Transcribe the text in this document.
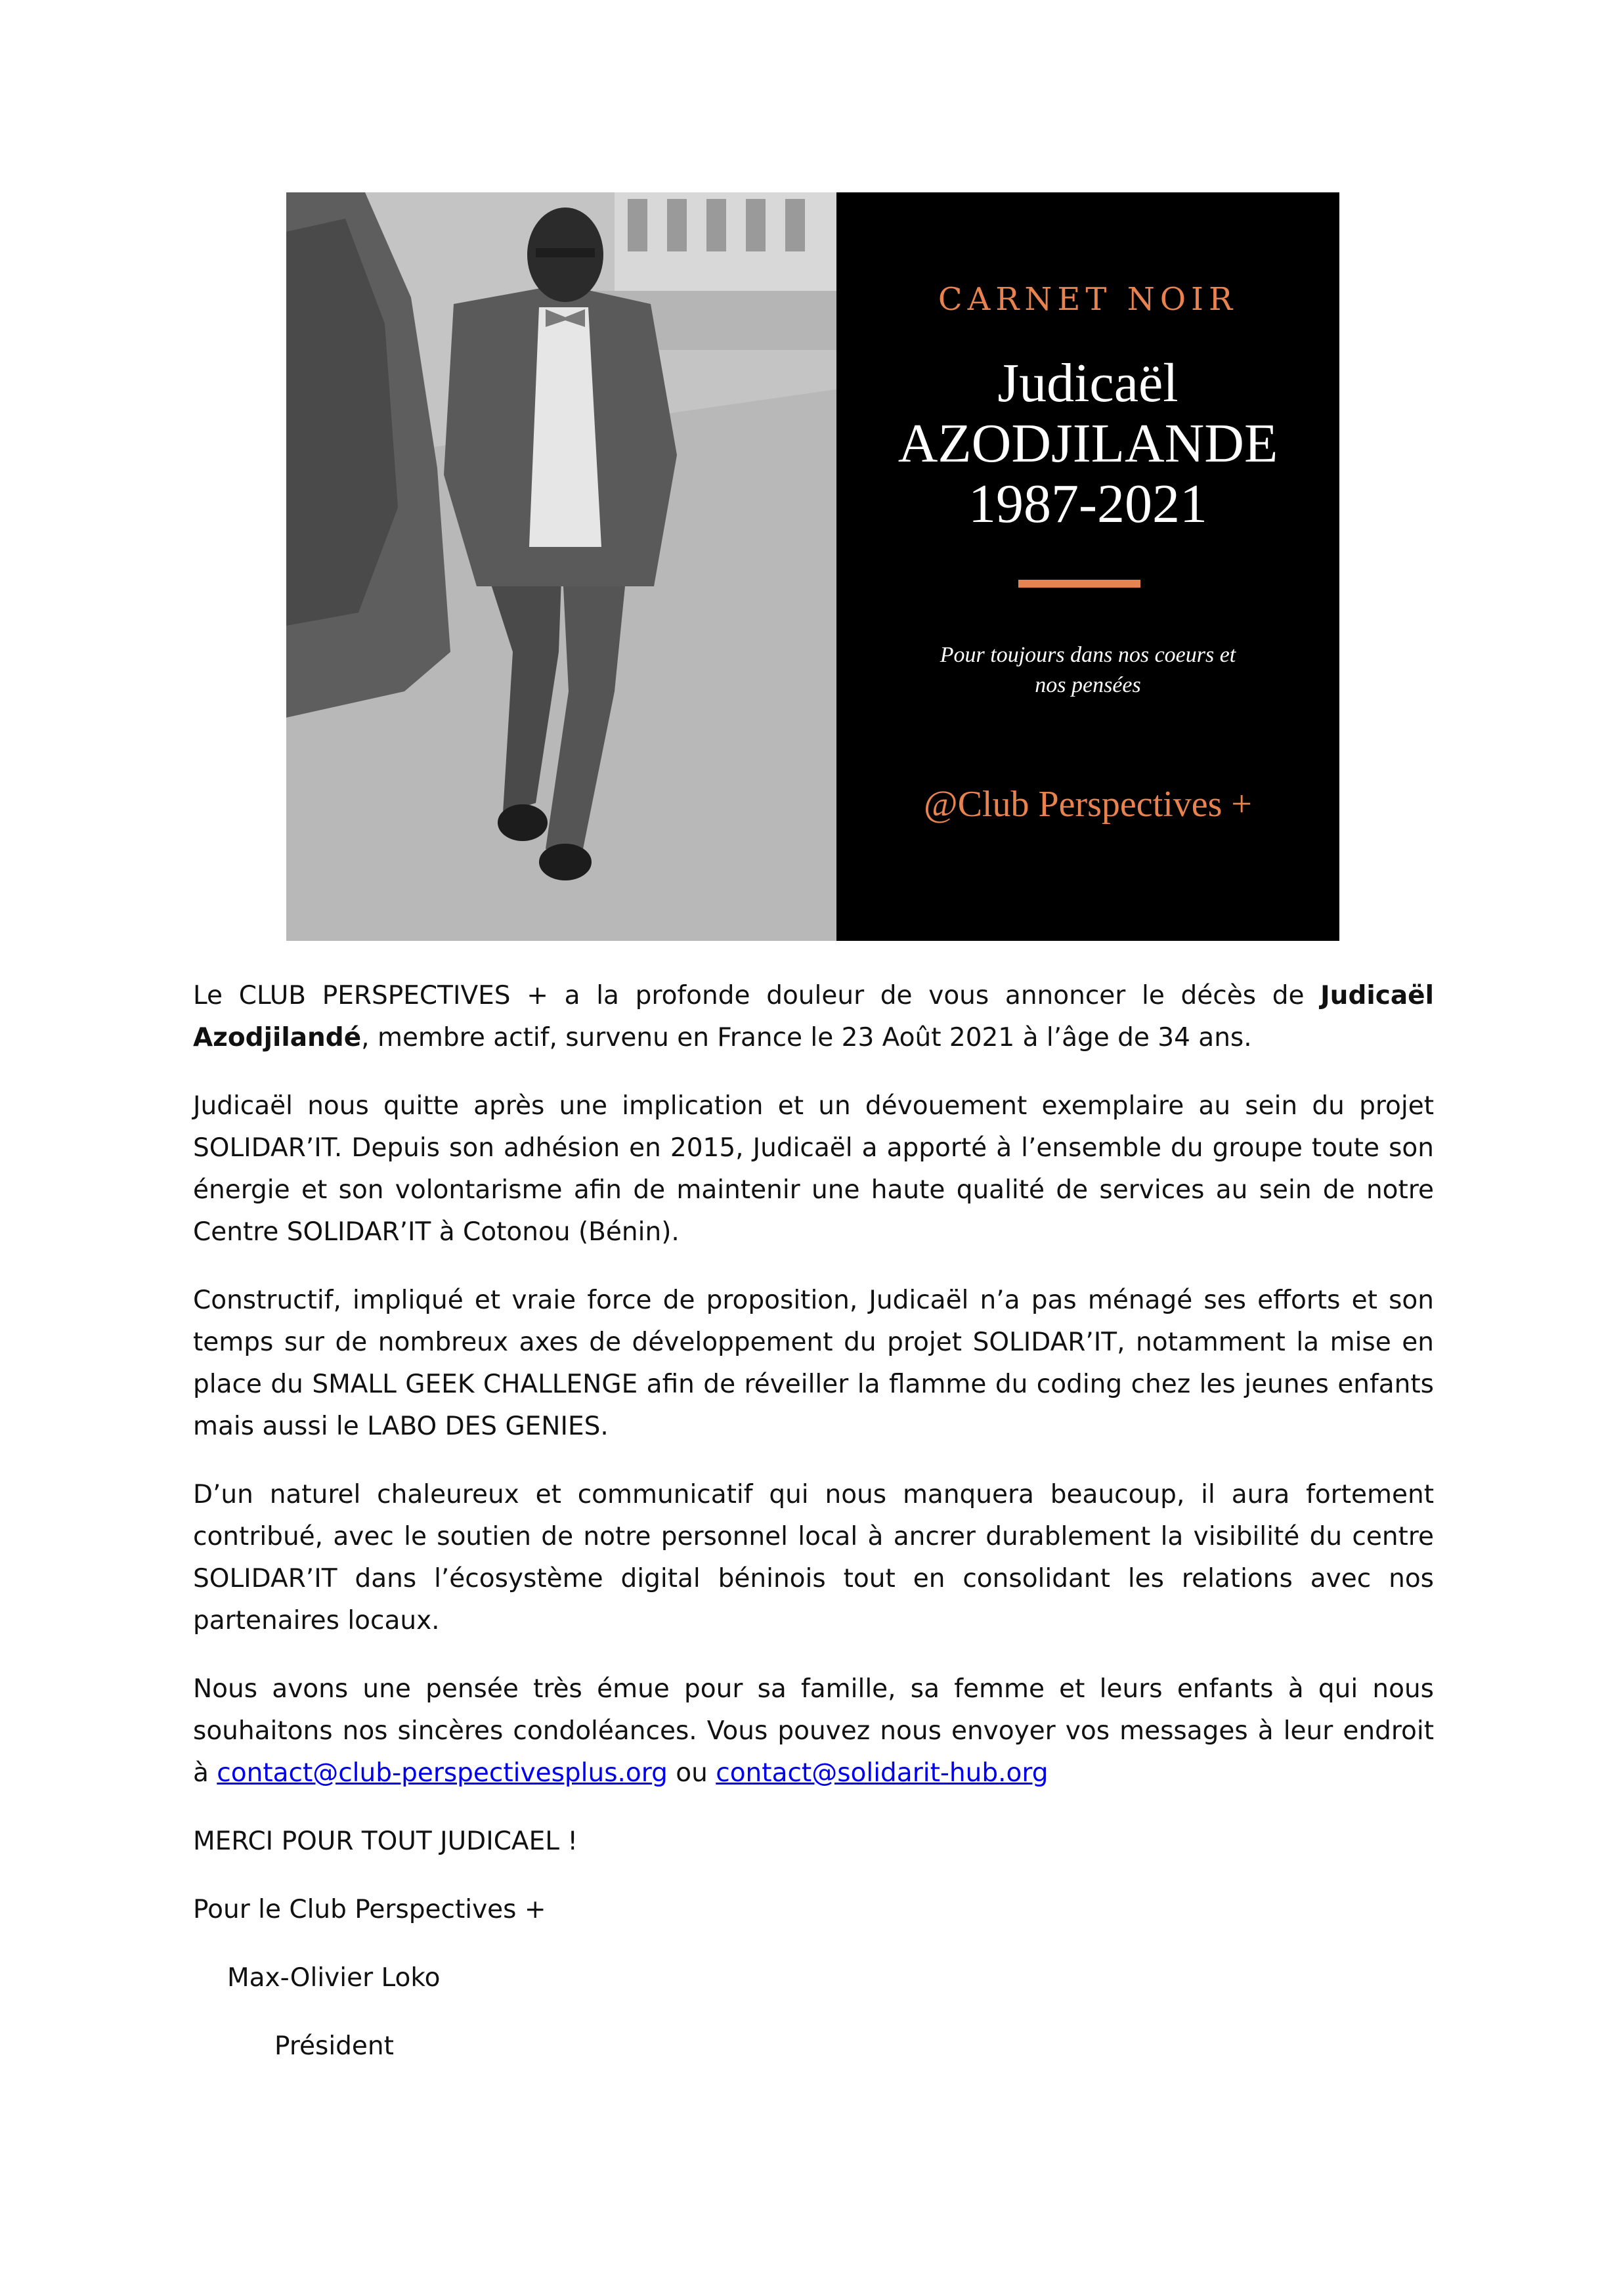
CARNET NOIR
Judicaël
AZODJILANDE
1987-2021
Pour toujours dans nos coeurs et
nos pensées
@Club Perspectives +

Le CLUB PERSPECTIVES + a la profonde douleur de vous annoncer le décès de Judicaël Azodjilandé, membre actif, survenu en France le 23 Août 2021 à l’âge de 34 ans.

Judicaël nous quitte après une implication et un dévouement exemplaire au sein du projet SOLIDAR’IT. Depuis son adhésion en 2015, Judicaël a apporté à l’ensemble du groupe toute son énergie et son volontarisme afin de maintenir une haute qualité de services au sein de notre Centre SOLIDAR’IT à Cotonou (Bénin).

Constructif, impliqué et vraie force de proposition, Judicaël n’a pas ménagé ses efforts et son temps sur de nombreux axes de développement du projet SOLIDAR’IT, notamment la mise en place du SMALL GEEK CHALLENGE afin de réveiller la flamme du coding chez les jeunes enfants mais aussi le LABO DES GENIES.

D’un naturel chaleureux et communicatif qui nous manquera beaucoup, il aura fortement contribué, avec le soutien de notre personnel local à ancrer durablement la visibilité du centre SOLIDAR’IT dans l’écosystème digital béninois tout en consolidant les relations avec nos partenaires locaux.

Nous avons une pensée très émue pour sa famille, sa femme et leurs enfants à qui nous souhaitons nos sincères condoléances. Vous pouvez nous envoyer vos messages à leur endroit à contact@club-perspectivesplus.org ou contact@solidarit-hub.org

MERCI POUR TOUT JUDICAEL !

Pour le Club Perspectives +

Max-Olivier Loko

Président
